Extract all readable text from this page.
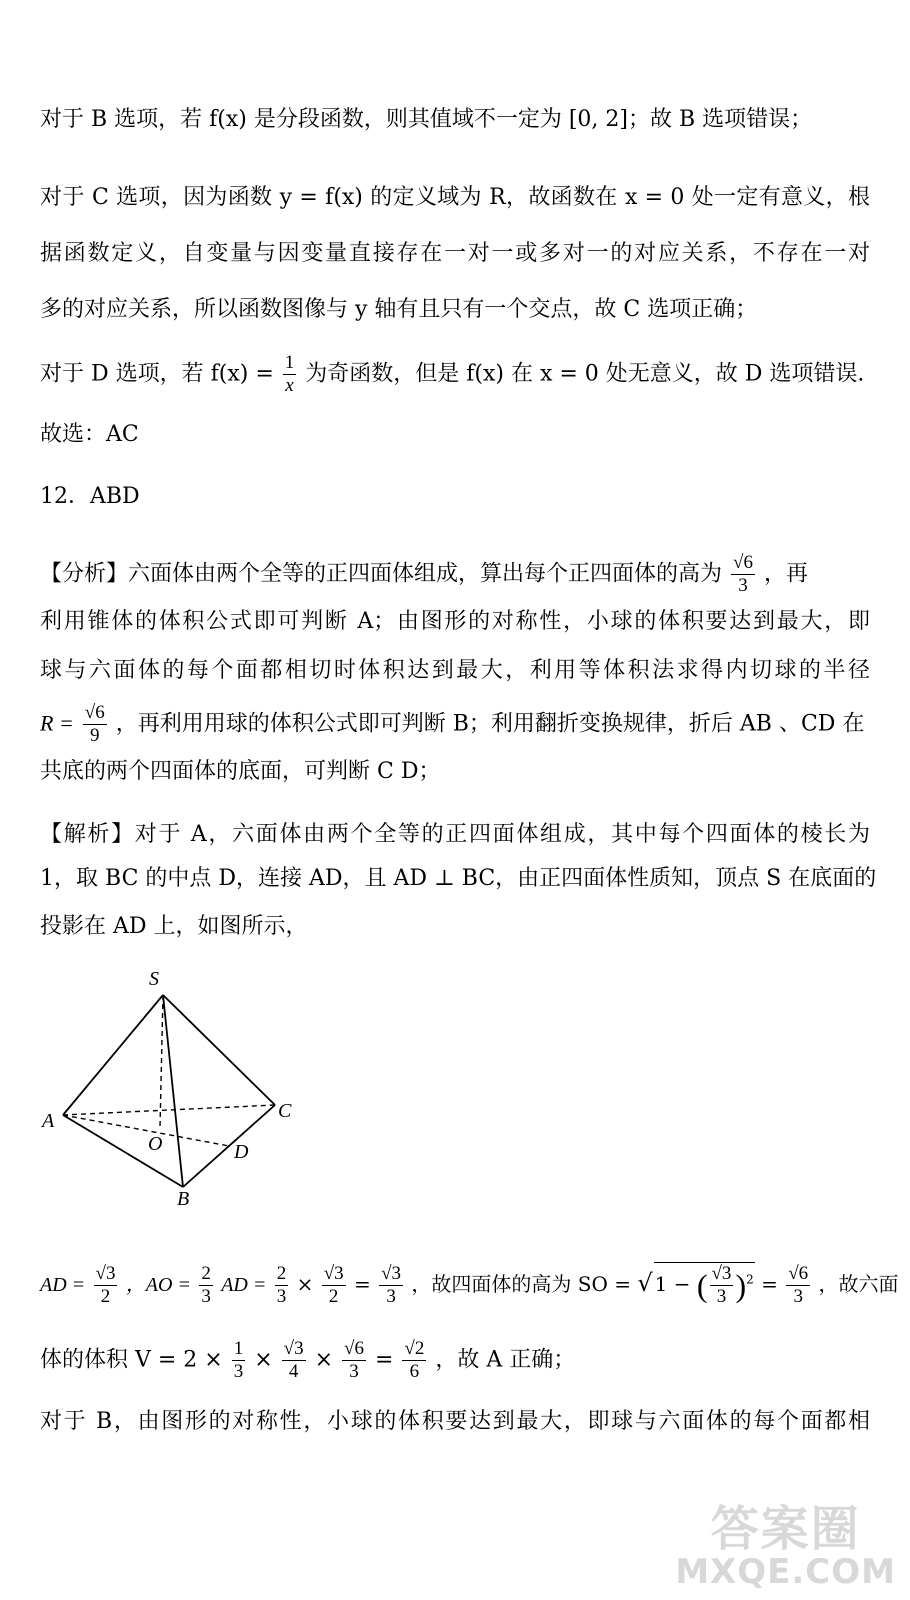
对于 B 选项，若 f(x) 是分段函数，则其值域不一定为 [0, 2]；故 B 选项错误；
对于 C 选项，因为函数 y = f(x) 的定义域为 R，故函数在 x = 0 处一定有意义，根
据函数定义，自变量与因变量直接存在一对一或多对一的对应关系，不存在一对
多的对应关系，所以函数图像与 y 轴有且只有一个交点，故 C 选项正确；
对于 D 选项，若 $f(x) = \frac{1}{x}$ 为奇函数，但是 f(x) 在 x = 0 处无意义，故 D 选项错误.
故选：AC
12．ABD
【分析】六面体由两个全等的正四面体组成，算出每个正四面体的高为 $\frac{√6}{3}$ ，再
利用锥体的体积公式即可判断 A；由图形的对称性，小球的体积要达到最大，即
球与六面体的每个面都相切时体积达到最大，利用等体积法求得内切球的半径
$R = \frac{√6}{9}$ ，再利用用球的体积公式即可判断 B；利用翻折变换规律，折后 AB 、CD 在
共底的两个四面体的底面，可判断 C D；
【解析】对于 A，六面体由两个全等的正四面体组成，其中每个四面体的棱长为
1，取 BC 的中点 D，连接 AD，且 AD ⊥ BC，由正四面体性质知，顶点 S 在底面的
投影在 AD 上，如图所示，
S
A
B
C
D
O
AD = $\frac{√3}{2}$ ，AO = $\frac{2}{3}$ AD = $\frac{2}{3} \times \frac{√3}{2} = \frac{√3}{3}$ ，故四面体的高为 SO = √ 1 − ( $\frac{√3}{3} )^2 = \frac{√6}{3}$ ，故六面
体的体积 $V = 2 \times \frac{1}{3} \times \frac{√3}{4} \times \frac{√6}{3} = \frac{√2}{6}$ ，故 A 正确；
对于 B，由图形的对称性，小球的体积要达到最大，即球与六面体的每个面都相
答案圈
MXQE.COM
